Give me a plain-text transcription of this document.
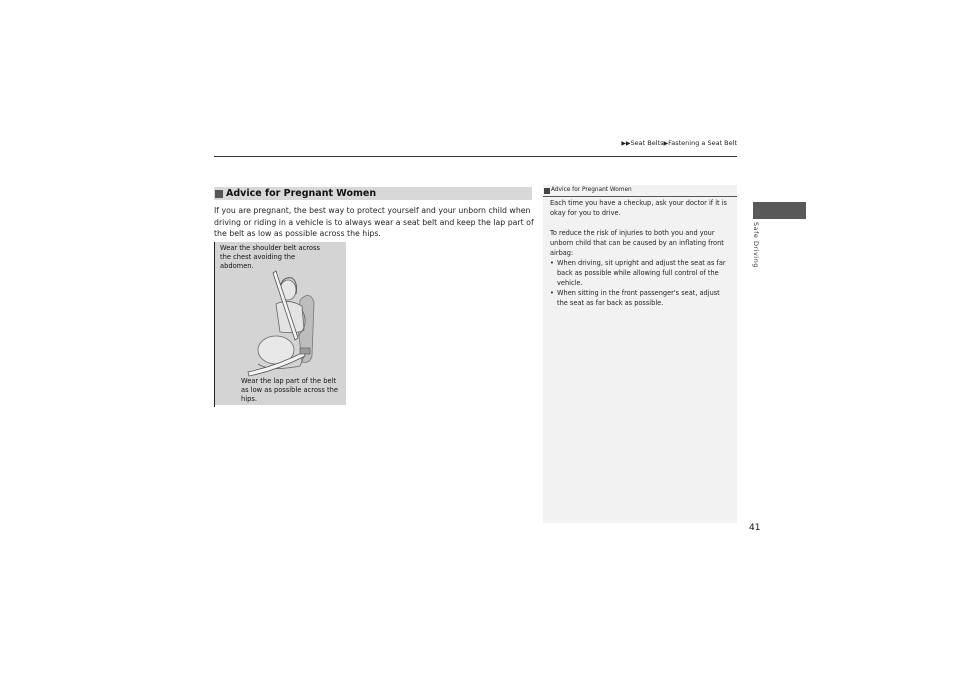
▶▶Seat Belts▶Fastening a Seat Belt
Safe Driving
Advice for Pregnant Women
If you are pregnant, the best way to protect yourself and your unborn child when driving or riding in a vehicle is to always wear a seat belt and keep the lap part of the belt as low as possible across the hips.
Wear the shoulder belt across the chest avoiding the abdomen.
Wear the lap part of the belt as low as possible across the hips.
Advice for Pregnant Women

Each time you have a checkup, ask your doctor if it is okay for you to drive.

To reduce the risk of injuries to both you and your unborn child that can be caused by an inflating front airbag:

• When driving, sit upright and adjust the seat as far back as possible while allowing full control of the vehicle.
• When sitting in the front passenger's seat, adjust the seat as far back as possible.
41
